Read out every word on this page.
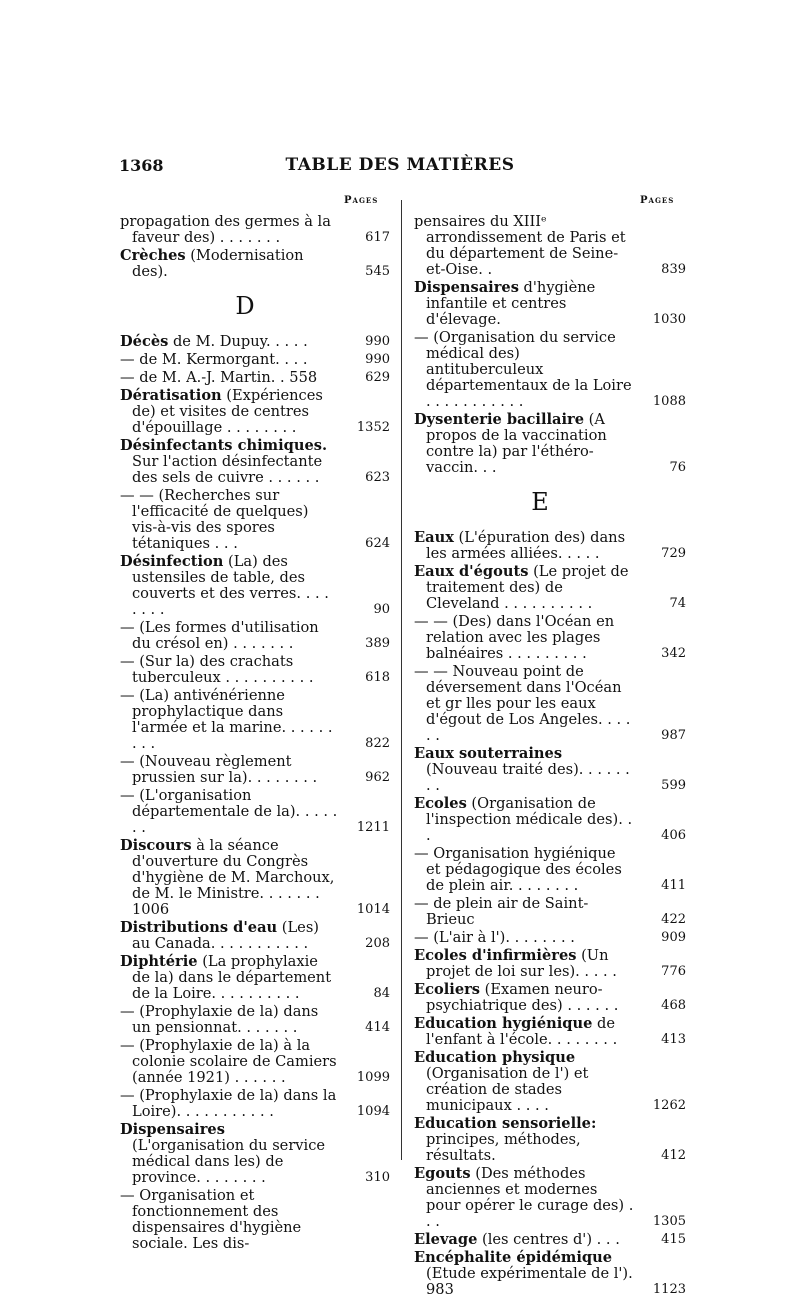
1368	TABLE DES MATIÈRES
Pages	Pages
propagation des germes à la faveur des) . . . . . . .	617
Crèches (Modernisation des).	545
D
Décès de M. Dupuy. . . . .	990
— de M. Kermorgant. . . .	990
— de M. A.-J. Martin. . 558	629
Dératisation (Expériences de) et visites de centres d'épouillage . . . . . . . .	1352
Désinfectants chimiques. Sur l'action désinfectante des sels de cuivre . . . . . .	623
— — (Recherches sur l'efficacité de quelques) vis-à-vis des spores tétaniques . . .	624
Désinfection (La) des ustensiles de table, des couverts et des verres. . . . . . . .	90
— (Les formes d'utilisation du crésol en) . . . . . . .	389
— (Sur la) des crachats tuberculeux . . . . . . . . . .	618
— (La) antivénérienne prophylactique dans l'armée et la marine. . . . . . . . .	822
— (Nouveau règlement prussien sur la). . . . . . . .	962
— (L'organisation départementale de la). . . . . . .	1211
Discours à la séance d'ouverture du Congrès d'hygiène de M. Marchoux, de M. le Ministre. . . . . . . 1006	1014
Distributions d'eau (Les) au Canada. . . . . . . . . . .	208
Diphtérie (La prophylaxie de la) dans le département de la Loire. . . . . . . . . .	84
— (Prophylaxie de la) dans un pensionnat. . . . . . .	414
— (Prophylaxie de la) à la colonie scolaire de Camiers (année 1921) . . . . . .	1099
— (Prophylaxie de la) dans la Loire). . . . . . . . . . .	1094
Dispensaires (L'organisation du service médical dans les) de province. . . . . . . .	310
— Organisation et fonctionnement des dispensaires d'hygiène sociale. Les dis-
pensaires du XIIIᵉ arrondissement de Paris et du département de Seine-et-Oise. .	839
Dispensaires d'hygiène infantile et centres d'élevage.	1030
— (Organisation du service médical des) antituberculeux départementaux de la Loire . . . . . . . . . . .	1088
Dysenterie bacillaire (A propos de la vaccination contre la) par l'éthéro-vaccin. . .	76
E
Eaux (L'épuration des) dans les armées alliées. . . . .	729
Eaux d'égouts (Le projet de traitement des) de Cleveland . . . . . . . . . .	74
— — (Des) dans l'Océan en relation avec les plages balnéaires . . . . . . . . .	342
— — Nouveau point de déversement dans l'Océan et gr lles pour les eaux d'égout de Los Angeles. . . . . .	987
Eaux souterraines (Nouveau traité des). . . . . . . .	599
Ecoles (Organisation de l'inspection médicale des). . .	406
— Organisation hygiénique et pédagogique des écoles de plein air. . . . . . . .	411
— de plein air de Saint-Brieuc	422
— (L'air à l'). . . . . . . .	909
Ecoles d'infirmières (Un projet de loi sur les). . . . .	776
Ecoliers (Examen neuro-psychiatrique des) . . . . . .	468
Education hygiénique de l'enfant à l'école. . . . . . . .	413
Education physique (Organisation de l') et création de stades municipaux . . . .	1262
Education sensorielle: principes, méthodes, résultats.	412
Egouts (Des méthodes anciennes et modernes pour opérer le curage des) . . .	1305
Elevage (les centres d') . . .	415
Encéphalite épidémique (Etude expérimentale de l'). 983	1123
